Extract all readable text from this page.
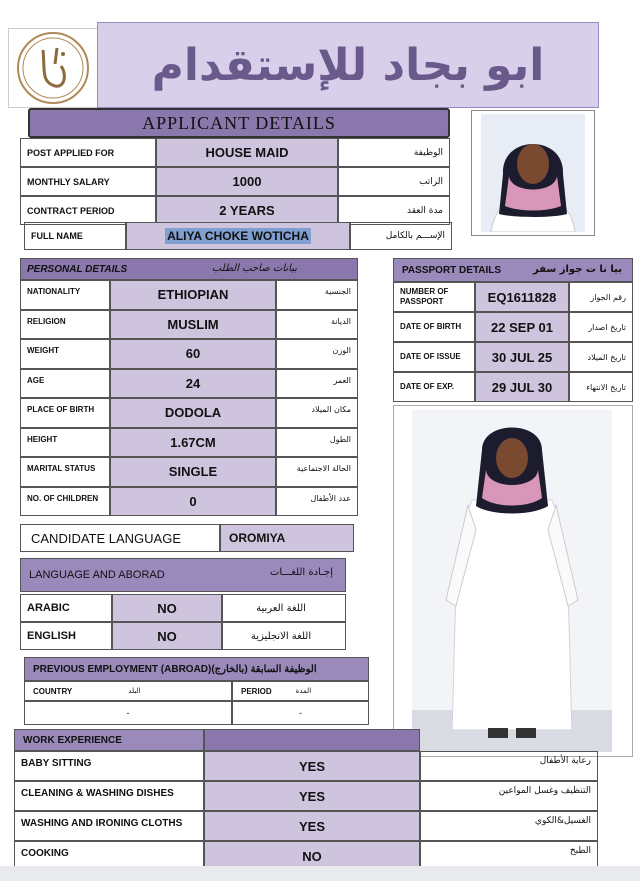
ابو بجاد للإستقدام
APPLICANT DETAILS
POST APPLIED FOR	HOUSE MAID	الوظيفة
MONTHLY SALARY	1000	الراتب
CONTRACT PERIOD	2 YEARS	مدة العقد
FULL NAME	ALIYA CHOKE WOTICHA	الإســـم بالكامل
PERSONAL DETAILS	بيانات صاحب الطلب
NATIONALITY	ETHIOPIAN	الجنسية
RELIGION	MUSLIM	الديانة
WEIGHT	60	الوزن
AGE	24	العمر
PLACE OF BIRTH	DODOLA	مكان الميلاد
HEIGHT	1.67CM	الطول
MARITAL STATUS	SINGLE	الحالة الاجتماعية
NO. OF CHILDREN	0	عدد الأطفال
PASSPORT DETAILS	بيا نا ت جواز سفر
NUMBER OF PASSPORT	EQ1611828	رقم الجواز
DATE OF BIRTH	22 SEP 01	تاريخ اصدار
DATE OF ISSUE	30 JUL 25	تاريخ الميلاد
DATE OF EXP.	29 JUL 30	تاريخ الانتهاء
CANDIDATE LANGUAGE	OROMIYA
LANGUAGE AND ABORAD	إجـادة اللغـــات
ARABIC	NO	اللغة العربية
ENGLISH	NO	اللغة الانجليزية
PREVIOUS EMPLOYMENT (ABROAD)(الوظيفة السابقة (بالخارج
COUNTRY	البلد	PERIOD	المدة
-	-
WORK EXPERIENCE
BABY SITTING	YES	رعاية الأطفال
CLEANING & WASHING DISHES	YES	التنظيف وغسل المواعين
WASHING AND IRONING CLOTHS	YES	الغسيل&الكوي
COOKING	NO	الطبخ
